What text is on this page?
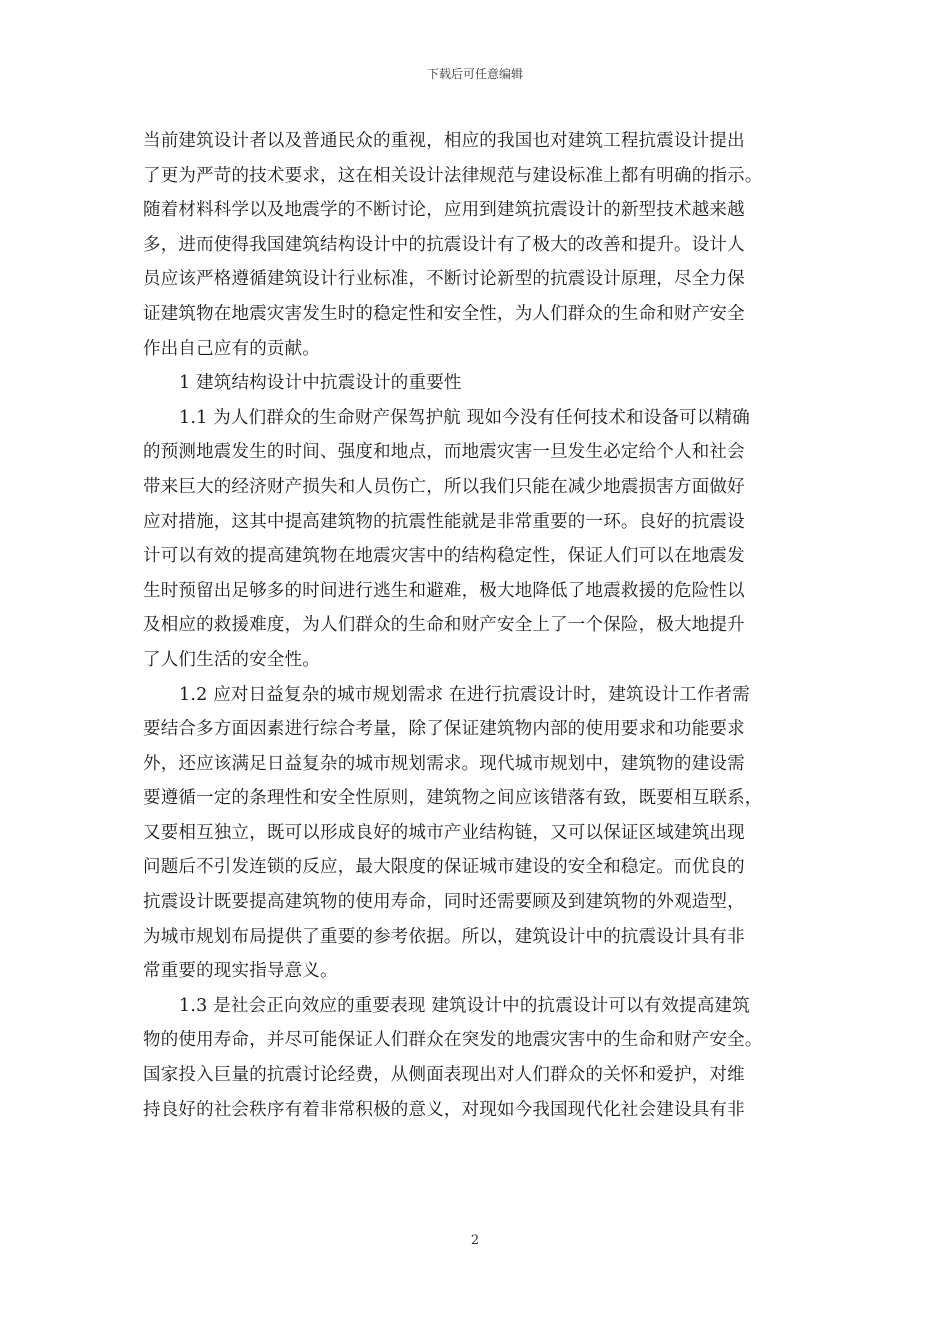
下载后可任意编辑
当前建筑设计者以及普通民众的重视，相应的我国也对建筑工程抗震设计提出
了更为严苛的技术要求，这在相关设计法律规范与建设标准上都有明确的指示。
随着材料科学以及地震学的不断讨论，应用到建筑抗震设计的新型技术越来越
多，进而使得我国建筑结构设计中的抗震设计有了极大的改善和提升。设计人
员应该严格遵循建筑设计行业标准，不断讨论新型的抗震设计原理，尽全力保
证建筑物在地震灾害发生时的稳定性和安全性，为人们群众的生命和财产安全
作出自己应有的贡献。
1 建筑结构设计中抗震设计的重要性
1.1 为人们群众的生命财产保驾护航 现如今没有任何技术和设备可以精确
的预测地震发生的时间、强度和地点，而地震灾害一旦发生必定给个人和社会
带来巨大的经济财产损失和人员伤亡，所以我们只能在减少地震损害方面做好
应对措施，这其中提高建筑物的抗震性能就是非常重要的一环。良好的抗震设
计可以有效的提高建筑物在地震灾害中的结构稳定性，保证人们可以在地震发
生时预留出足够多的时间进行逃生和避难，极大地降低了地震救援的危险性以
及相应的救援难度，为人们群众的生命和财产安全上了一个保险，极大地提升
了人们生活的安全性。
1.2 应对日益复杂的城市规划需求 在进行抗震设计时，建筑设计工作者需
要结合多方面因素进行综合考量，除了保证建筑物内部的使用要求和功能要求
外，还应该满足日益复杂的城市规划需求。现代城市规划中，建筑物的建设需
要遵循一定的条理性和安全性原则，建筑物之间应该错落有致，既要相互联系，
又要相互独立，既可以形成良好的城市产业结构链，又可以保证区域建筑出现
问题后不引发连锁的反应，最大限度的保证城市建设的安全和稳定。而优良的
抗震设计既要提高建筑物的使用寿命，同时还需要顾及到建筑物的外观造型，
为城市规划布局提供了重要的参考依据。所以，建筑设计中的抗震设计具有非
常重要的现实指导意义。
1.3 是社会正向效应的重要表现 建筑设计中的抗震设计可以有效提高建筑
物的使用寿命，并尽可能保证人们群众在突发的地震灾害中的生命和财产安全。
国家投入巨量的抗震讨论经费，从侧面表现出对人们群众的关怀和爱护，对维
持良好的社会秩序有着非常积极的意义，对现如今我国现代化社会建设具有非
2
